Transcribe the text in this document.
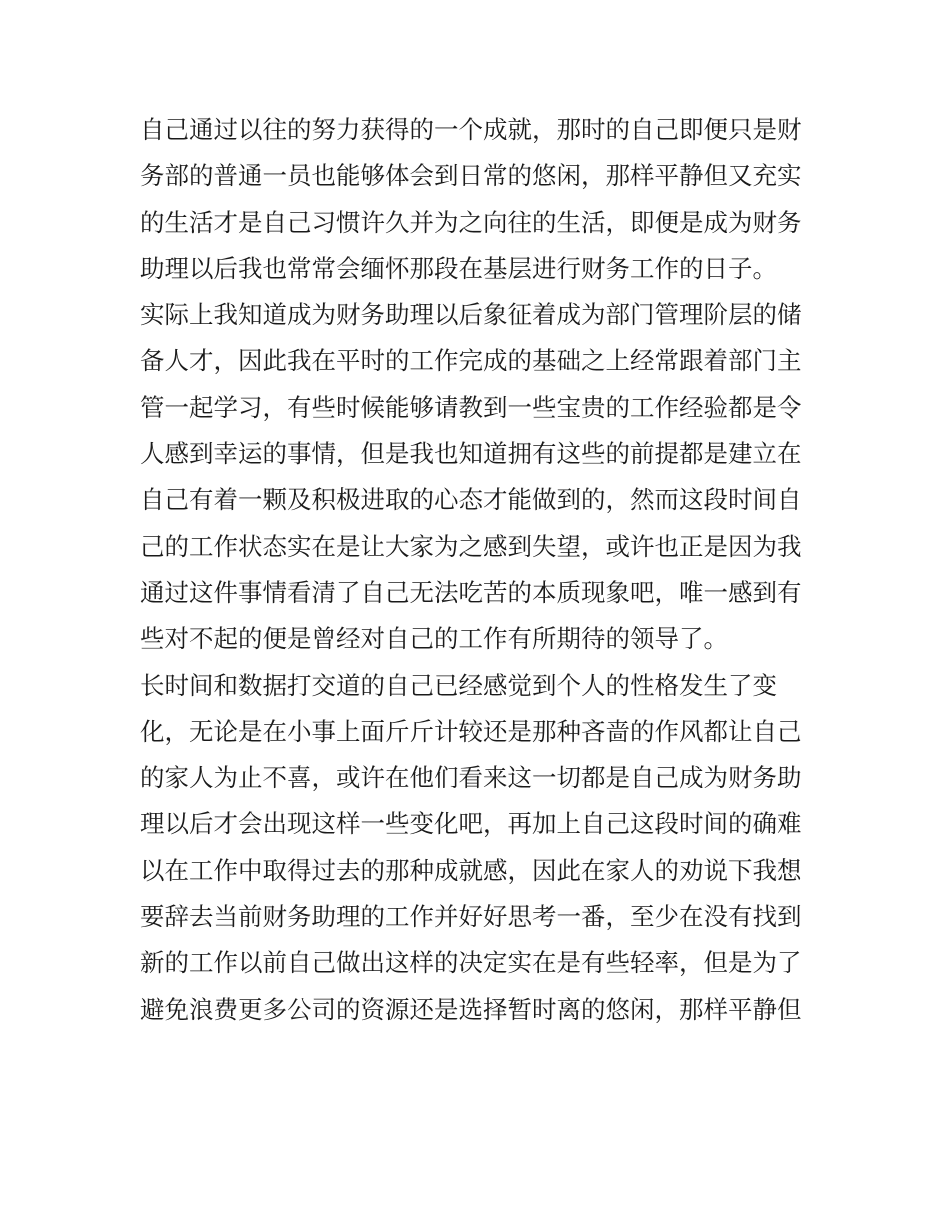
自己通过以往的努力获得的一个成就，那时的自己即便只是财
务部的普通一员也能够体会到日常的悠闲，那样平静但又充实
的生活才是自己习惯许久并为之向往的生活，即便是成为财务
助理以后我也常常会缅怀那段在基层进行财务工作的日子。
实际上我知道成为财务助理以后象征着成为部门管理阶层的储
备人才，因此我在平时的工作完成的基础之上经常跟着部门主
管一起学习，有些时候能够请教到一些宝贵的工作经验都是令
人感到幸运的事情，但是我也知道拥有这些的前提都是建立在
自己有着一颗及积极进取的心态才能做到的，然而这段时间自
己的工作状态实在是让大家为之感到失望，或许也正是因为我
通过这件事情看清了自己无法吃苦的本质现象吧，唯一感到有
些对不起的便是曾经对自己的工作有所期待的领导了。
长时间和数据打交道的自己已经感觉到个人的性格发生了变
化，无论是在小事上面斤斤计较还是那种吝啬的作风都让自己
的家人为止不喜，或许在他们看来这一切都是自己成为财务助
理以后才会出现这样一些变化吧，再加上自己这段时间的确难
以在工作中取得过去的那种成就感，因此在家人的劝说下我想
要辞去当前财务助理的工作并好好思考一番，至少在没有找到
新的工作以前自己做出这样的决定实在是有些轻率，但是为了
避免浪费更多公司的资源还是选择暂时离的悠闲，那样平静但
